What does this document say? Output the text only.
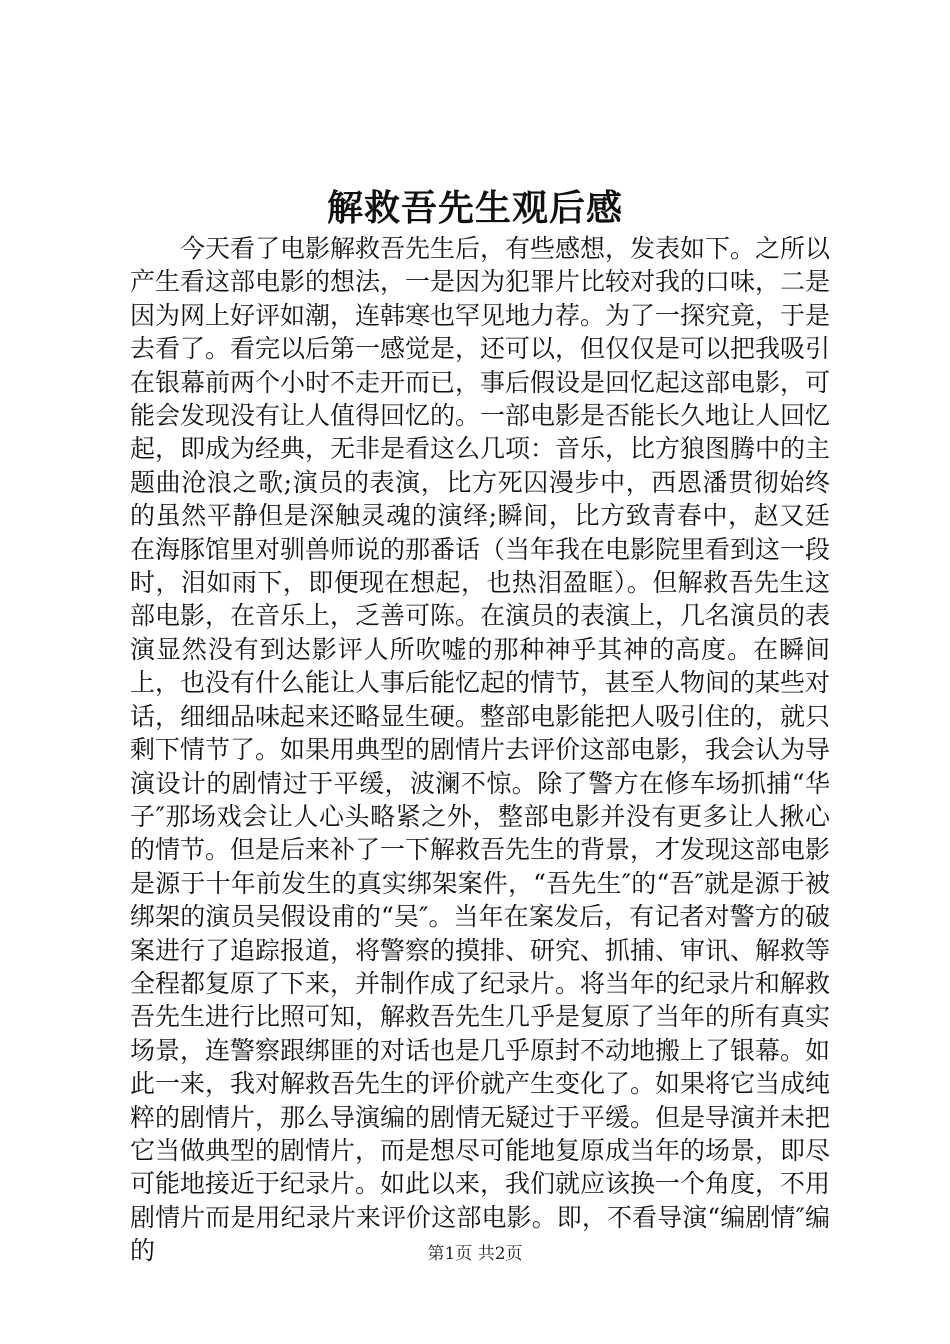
解救吾先生观后感

今天看了电影解救吾先生后，有些感想，发表如下。之所以产生看这部电影的想法，一是因为犯罪片比较对我的口味，二是因为网上好评如潮，连韩寒也罕见地力荐。为了一探究竟，于是去看了。看完以后第一感觉是，还可以，但仅仅是可以把我吸引在银幕前两个小时不走开而已，事后假设是回忆起这部电影，可能会发现没有让人值得回忆的。一部电影是否能长久地让人回忆起，即成为经典，无非是看这么几项：音乐，比方狼图腾中的主题曲沧浪之歌;演员的表演，比方死囚漫步中，西恩潘贯彻始终的虽然平静但是深触灵魂的演绎;瞬间，比方致青春中，赵又廷在海豚馆里对驯兽师说的那番话（当年我在电影院里看到这一段时，泪如雨下，即便现在想起，也热泪盈眶）。但解救吾先生这部电影，在音乐上，乏善可陈。在演员的表演上，几名演员的表演显然没有到达影评人所吹嘘的那种神乎其神的高度。在瞬间上，也没有什么能让人事后能忆起的情节，甚至人物间的某些对话，细细品味起来还略显生硬。整部电影能把人吸引住的，就只剩下情节了。如果用典型的剧情片去评价这部电影，我会认为导演设计的剧情过于平缓，波澜不惊。除了警方在修车场抓捕“华子″那场戏会让人心头略紧之外，整部电影并没有更多让人揪心的情节。但是后来补了一下解救吾先生的背景，才发现这部电影是源于十年前发生的真实绑架案件，“吾先生″的“吾″就是源于被绑架的演员吴假设甫的“吴″。当年在案发后，有记者对警方的破案进行了追踪报道，将警察的摸排、研究、抓捕、审讯、解救等全程都复原了下来，并制作成了纪录片。将当年的纪录片和解救吾先生进行比照可知，解救吾先生几乎是复原了当年的所有真实场景，连警察跟绑匪的对话也是几乎原封不动地搬上了银幕。如此一来，我对解救吾先生的评价就产生变化了。如果将它当成纯粹的剧情片，那么导演编的剧情无疑过于平缓。但是导演并未把它当做典型的剧情片，而是想尽可能地复原成当年的场景，即尽可能地接近于纪录片。如此以来，我们就应该换一个角度，不用剧情片而是用纪录片来评价这部电影。即，不看导演“编剧情″编的	第1页 共2页
